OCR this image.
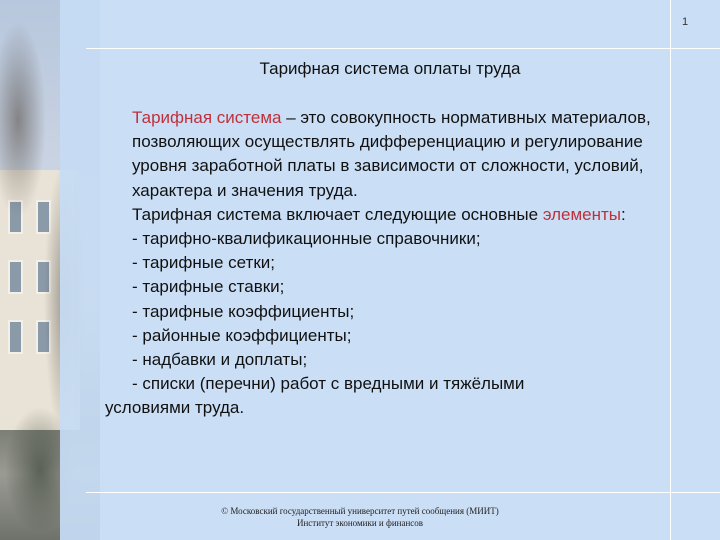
1
Тарифная система оплаты труда

Тарифная система – это совокупность нормативных материалов, позволяющих осуществлять дифференциацию и регулирование уровня заработной платы в зависимости от сложности, условий, характера и значения труда.

Тарифная система включает следующие основные элементы:

- тарифно-квалификационные справочники;
- тарифные сетки;
- тарифные ставки;
- тарифные коэффициенты;
- районные коэффициенты;
- надбавки и доплаты;
- списки (перечни) работ с вредными и тяжёлыми

условиями труда.

© Московский государственный университет путей сообщения (МИИТ)
Институт экономики и финансов
